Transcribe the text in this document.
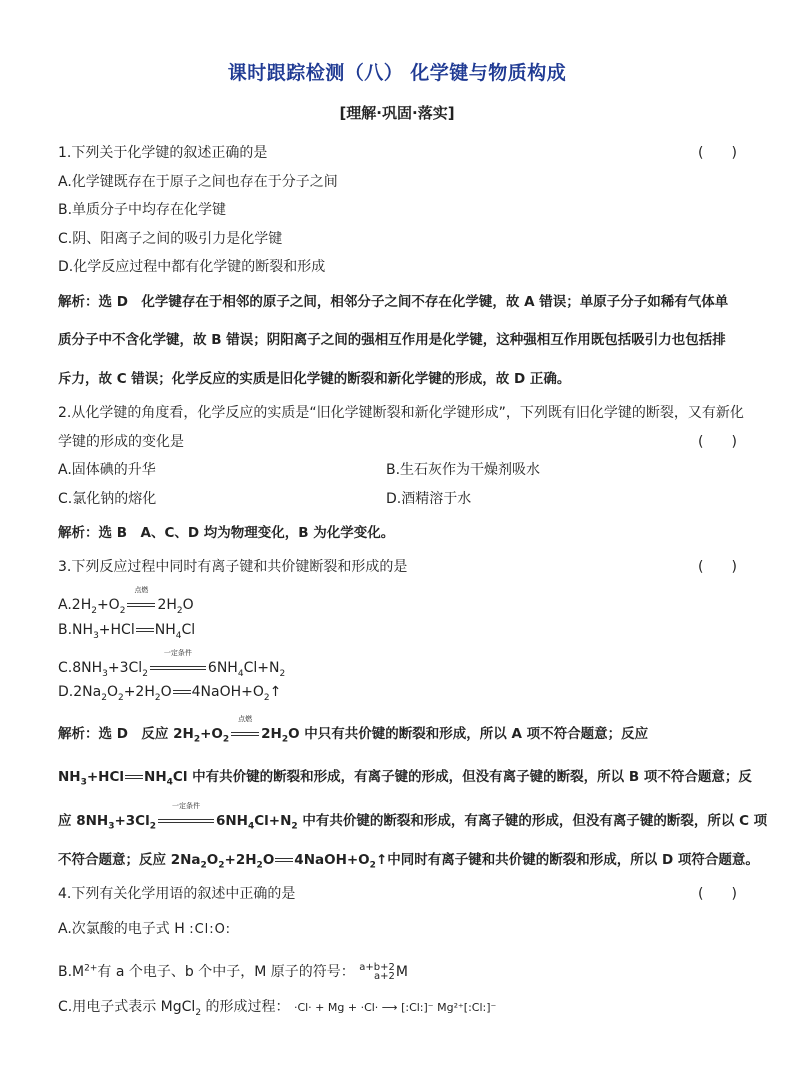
课时跟踪检测（八） 化学键与物质构成
[理解·巩固·落实]
1.下列关于化学键的叙述正确的是	(　　)
A.化学键既存在于原子之间也存在于分子之间
B.单质分子中均存在化学键
C.阴、阳离子之间的吸引力是化学键
D.化学反应过程中都有化学键的断裂和形成
解析：选 D　化学键存在于相邻的原子之间，相邻分子之间不存在化学键，故 A 错误；单原子分子如稀有气体单
质分子中不含化学键，故 B 错误；阴阳离子之间的强相互作用是化学键，这种强相互作用既包括吸引力也包括排
斥力，故 C 错误；化学反应的实质是旧化学键的断裂和新化学键的形成，故 D 正确。
2.从化学键的角度看，化学反应的实质是“旧化学键断裂和新化学键形成”，下列既有旧化学键的断裂，又有新化
学键的形成的变化是	(　　)
A.固体碘的升华	B.生石灰作为干燥剂吸水
C.氯化钠的熔化	D.酒精溶于水
解析：选 B　A、C、D 均为物理变化，B 为化学变化。
3.下列反应过程中同时有离子键和共价键断裂和形成的是	(　　)
$A.2H_2+O_2$
点燃
$2H_2O$
$B.NH_3+HCl$ $NH_4Cl$
$C.8NH_3+3Cl_2$
一定条件
$6NH_4Cl+N_2$
$D.2Na_2O_2+2H_2O$ $4NaOH+O_2↑$
解析：选 D　反应 $2H_2+O_2$
点燃
$2H_2O$ 中只有共价键的断裂和形成，所以 A 项不符合题意；反应
$NH_3+HCl$ $NH_4Cl$ 中有共价键的断裂和形成，有离子键的形成，但没有离子键的断裂，所以 B 项不符合题意；反
应 $8NH_3+3Cl_2$
一定条件
$6NH_4Cl+N_2$ 中有共价键的断裂和形成，有离子键的形成，但没有离子键的断裂，所以 C 项
不符合题意；反应 $2Na_2O_2+2H_2O$ $4NaOH+O_2↑$中同时有离子键和共价键的断裂和形成，所以 D 项符合题意。
4.下列有关化学用语的叙述中正确的是	(　　)
A.次氯酸的电子式 H :Cl:O:
$B.M^{2+}$有 a 个电子、b 个中子，M 原子的符号： a+b+2
a+2 M
C.用电子式表示 MgCl$_2$ 的形成过程： ·Cl· + Mg + ·Cl· ⟶ [:Cl:]⁻ Mg²⁺[:Cl:]⁻
